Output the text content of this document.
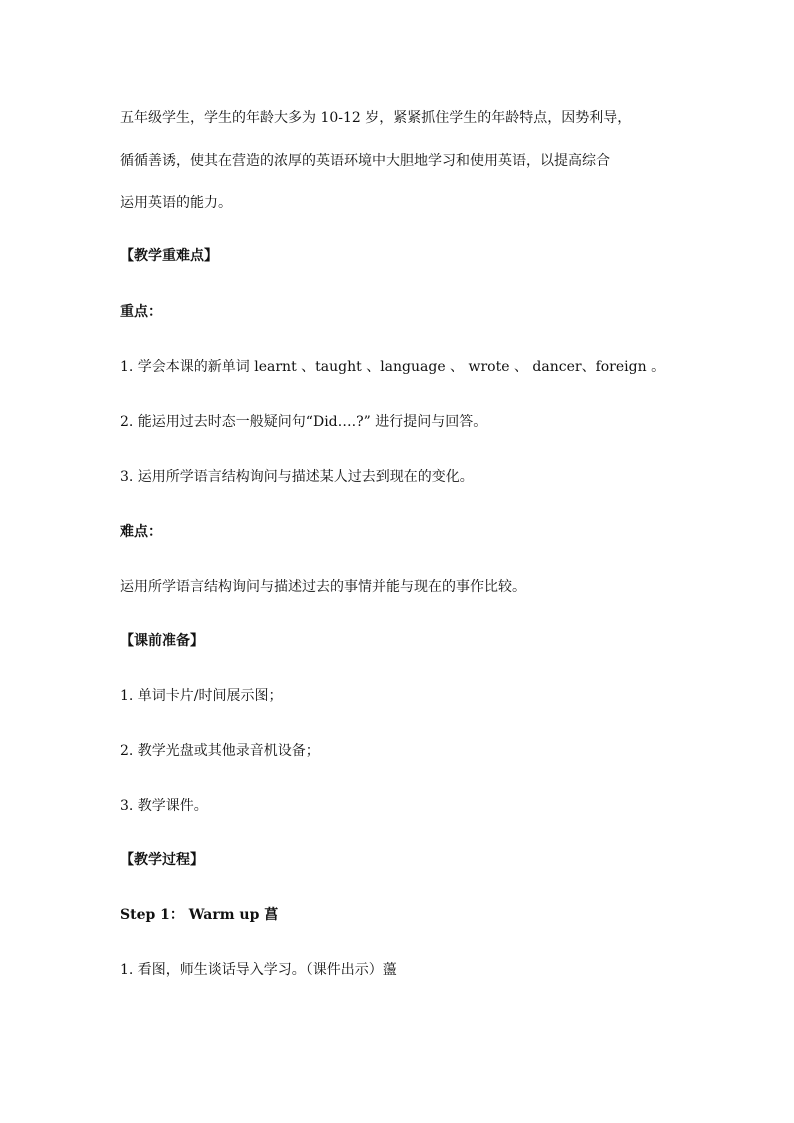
五年级学生，学生的年龄大多为 10-12 岁，紧紧抓住学生的年龄特点，因势利导，
循循善诱，使其在营造的浓厚的英语环境中大胆地学习和使用英语，以提高综合
运用英语的能力。
【教学重难点】
重点：
1. 学会本课的新单词 learnt 、taught 、language 、 wrote 、 dancer、foreign 。
2. 能运用过去时态一般疑问句“Did….?” 进行提问与回答。
3. 运用所学语言结构询问与描述某人过去到现在的变化。
难点：
运用所学语言结构询问与描述过去的事情并能与现在的事作比较。
【课前准备】
1. 单词卡片/时间展示图；
2. 教学光盘或其他录音机设备；
3. 教学课件。
【教学过程】
Step 1： Warm up 菖
1. 看图，师生谈话导入学习。（课件出示）蘯
